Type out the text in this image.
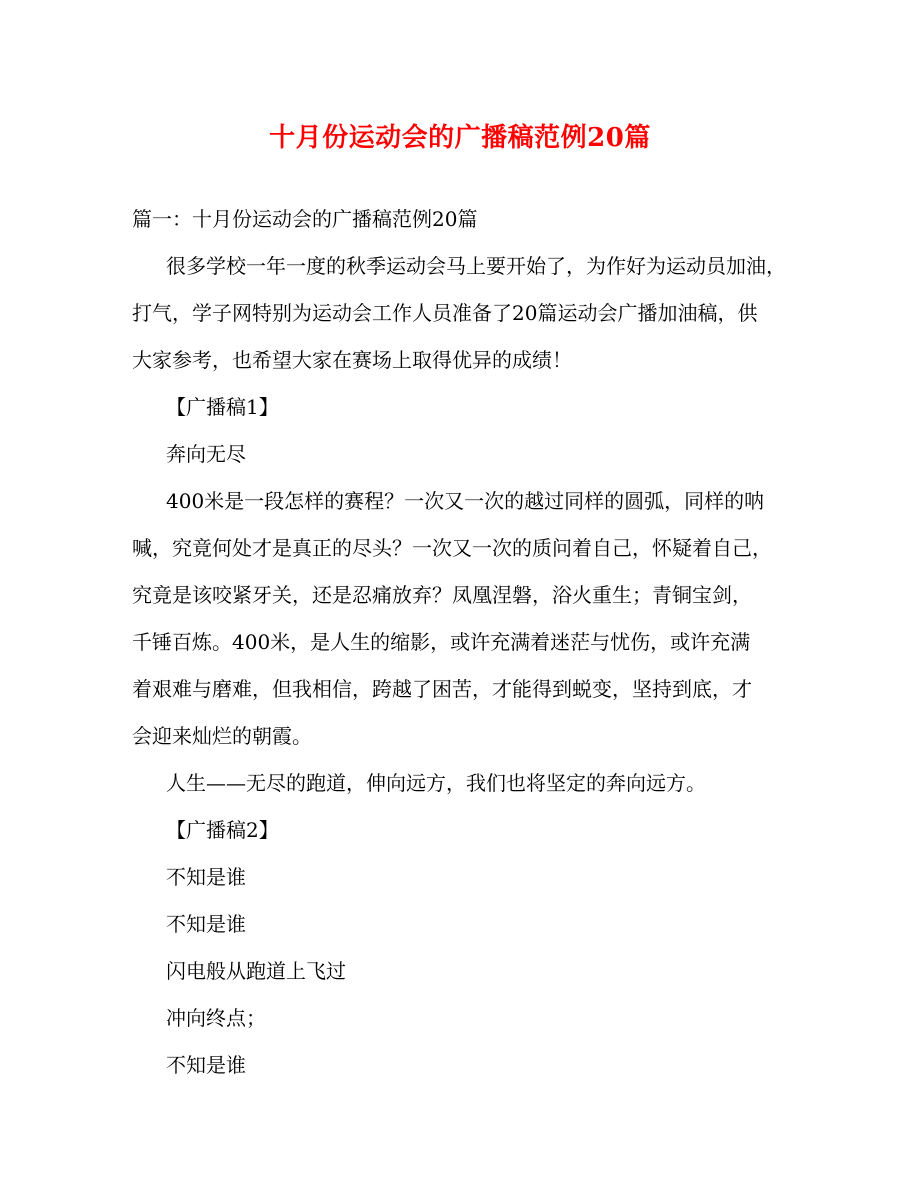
十月份运动会的广播稿范例20篇
篇一：十月份运动会的广播稿范例20篇
很多学校一年一度的秋季运动会马上要开始了，为作好为运动员加油，
打气，学子网特别为运动会工作人员准备了20篇运动会广播加油稿，供
大家参考，也希望大家在赛场上取得优异的成绩！
【广播稿1】
奔向无尽
400米是一段怎样的赛程？一次又一次的越过同样的圆弧，同样的呐
喊，究竟何处才是真正的尽头？一次又一次的质问着自己，怀疑着自己，
究竟是该咬紧牙关，还是忍痛放弃？凤凰涅磐，浴火重生；青铜宝剑，
千锤百炼。400米，是人生的缩影，或许充满着迷茫与忧伤，或许充满
着艰难与磨难，但我相信，跨越了困苦，才能得到蜕变，坚持到底，才
会迎来灿烂的朝霞。
人生——无尽的跑道，伸向远方，我们也将坚定的奔向远方。
【广播稿2】
不知是谁
不知是谁
闪电般从跑道上飞过
冲向终点；
不知是谁
